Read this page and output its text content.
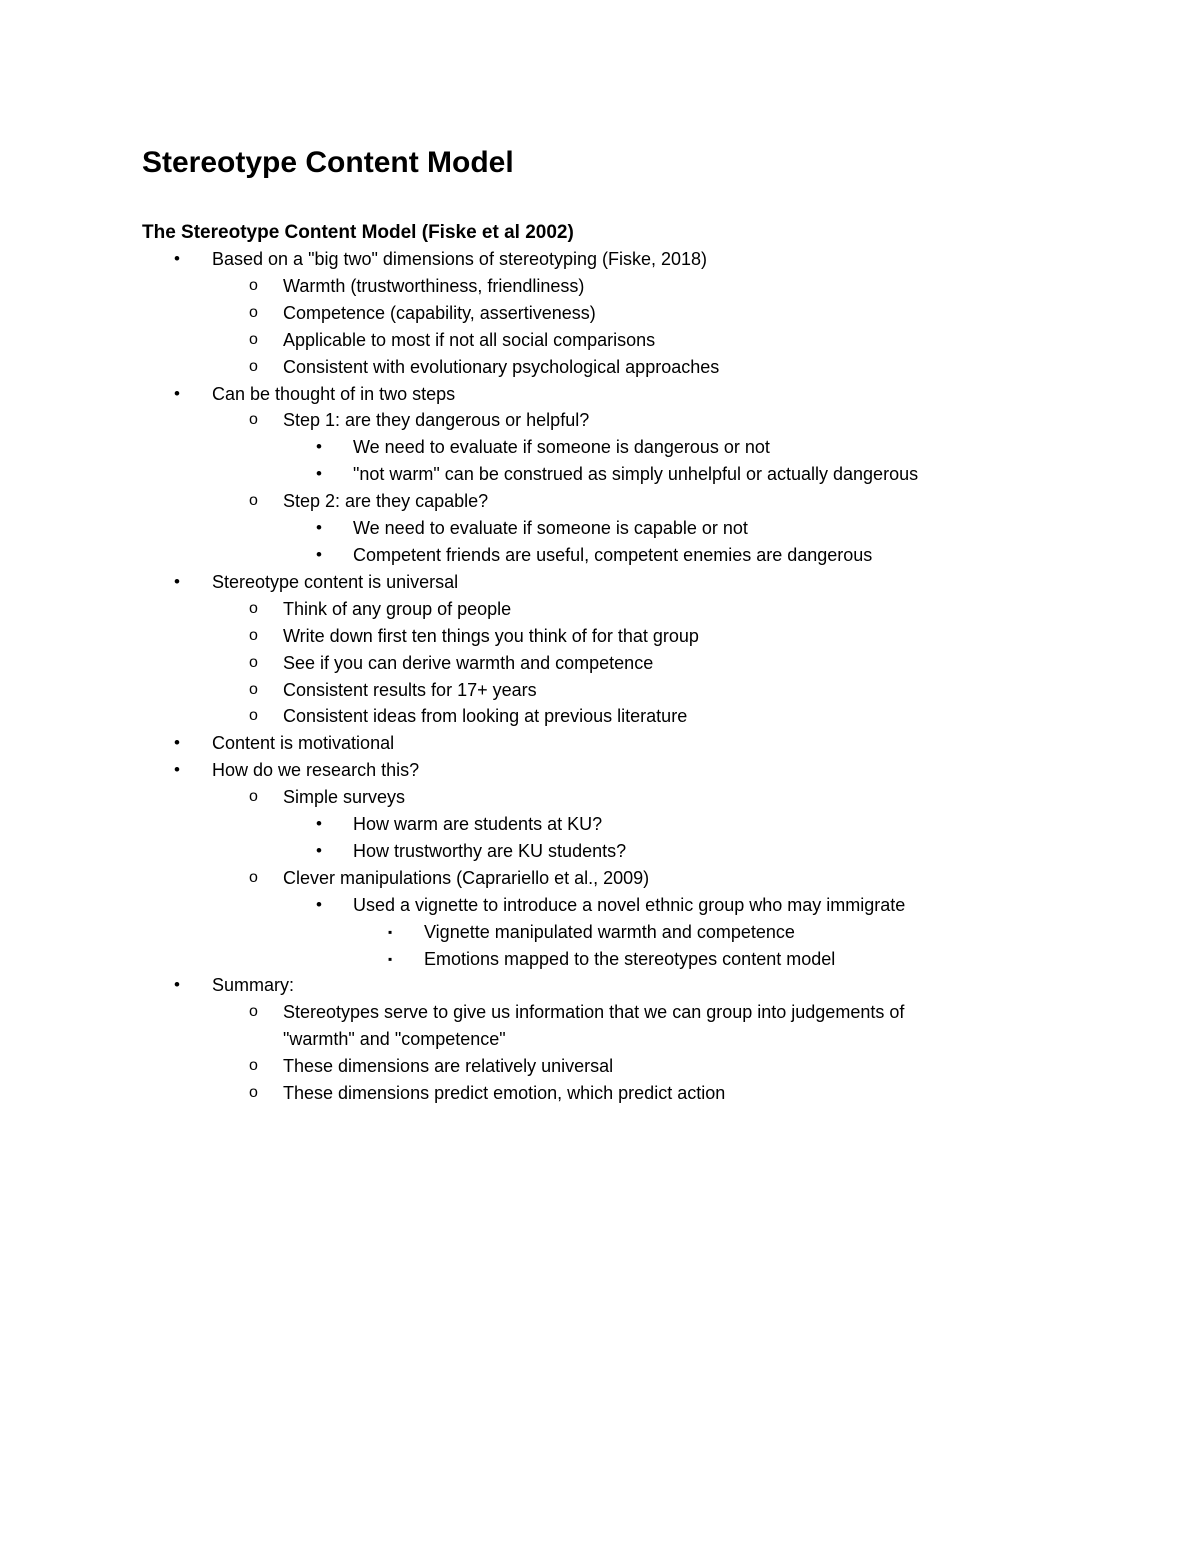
Stereotype Content Model
The Stereotype Content Model (Fiske et al 2002)
• Based on a "big two" dimensions of stereotyping (Fiske, 2018)
o Warmth (trustworthiness, friendliness)
o Competence (capability, assertiveness)
o Applicable to most if not all social comparisons
o Consistent with evolutionary psychological approaches
• Can be thought of in two steps
o Step 1: are they dangerous or helpful?
• We need to evaluate if someone is dangerous or not
• "not warm" can be construed as simply unhelpful or actually dangerous
o Step 2: are they capable?
• We need to evaluate if someone is capable or not
• Competent friends are useful, competent enemies are dangerous
• Stereotype content is universal
o Think of any group of people
o Write down first ten things you think of for that group
o See if you can derive warmth and competence
o Consistent results for 17+ years
o Consistent ideas from looking at previous literature
• Content is motivational
• How do we research this?
o Simple surveys
• How warm are students at KU?
• How trustworthy are KU students?
o Clever manipulations (Caprariello et al., 2009)
• Used a vignette to introduce a novel ethnic group who may immigrate
▪ Vignette manipulated warmth and competence
▪ Emotions mapped to the stereotypes content model
• Summary:
o Stereotypes serve to give us information that we can group into judgements of "warmth" and "competence"
o These dimensions are relatively universal
o These dimensions predict emotion, which predict action
